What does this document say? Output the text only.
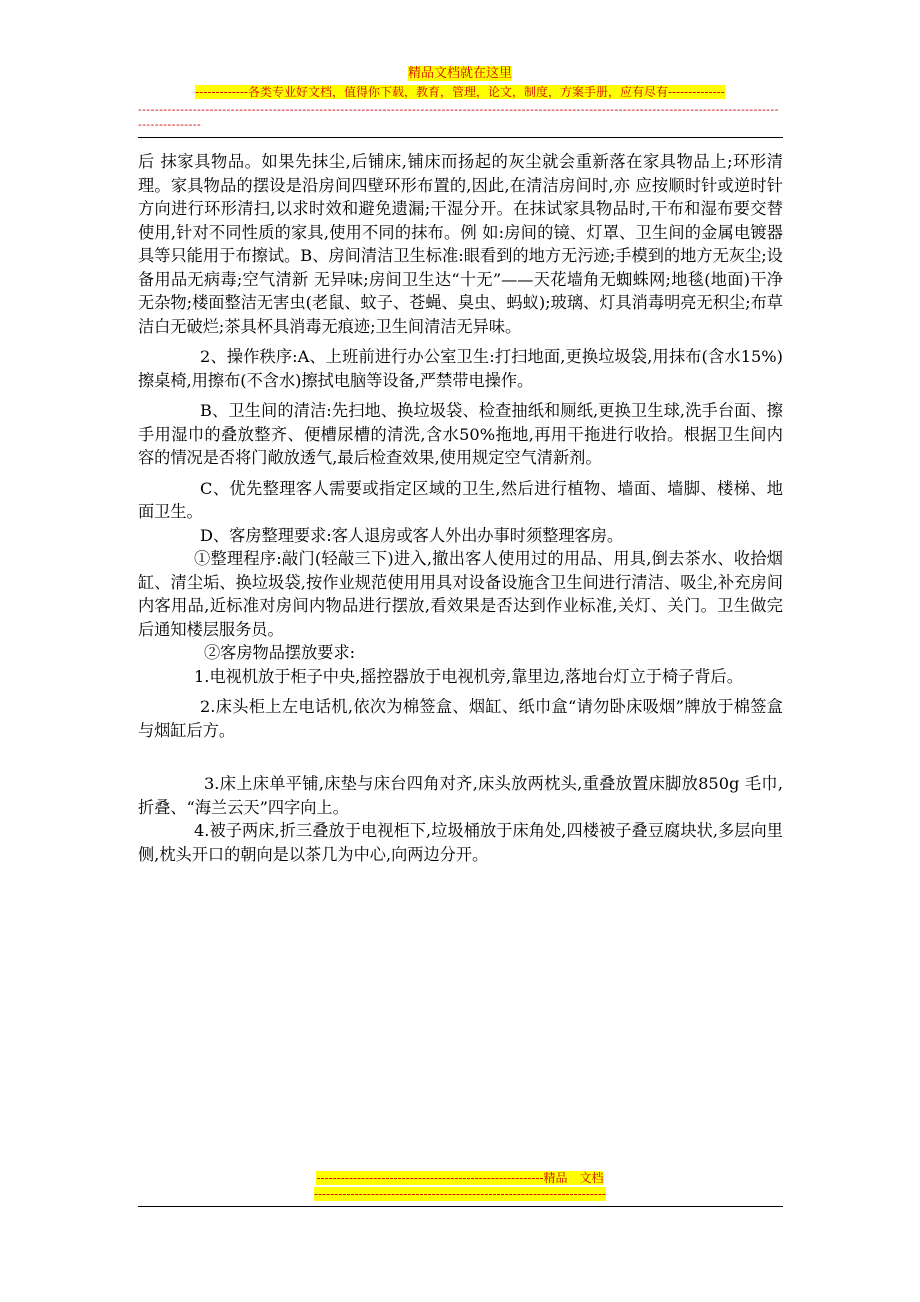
精品文档就在这里
-------------各类专业好文档，值得你下载，教育，管理，论文，制度，方案手册，应有尽有--------------
-----------------------------------------------------------------------------------------------------------------------------------------------------------------------

后 抹家具物品。如果先抹尘,后铺床,铺床而扬起的灰尘就会重新落在家具物品上;环形清理。家具物品的摆设是沿房间四壁环形布置的,因此,在清洁房间时,亦 应按顺时针或逆时针方向进行环形清扫,以求时效和避免遗漏;干湿分开。在抹试家具物品时,干布和湿布要交替使用,针对不同性质的家具,使用不同的抹布。例 如:房间的镜、灯罩、卫生间的金属电镀器具等只能用于布擦试。B、房间清洁卫生标准:眼看到的地方无污迹;手模到的地方无灰尘;设备用品无病毒;空气清新 无异味;房间卫生达“十无”——天花墙角无蜘蛛网;地毯(地面)干净无杂物;楼面整洁无害虫(老鼠、蚊子、苍蝇、臭虫、蚂蚁);玻璃、灯具消毒明亮无积尘;布草洁白无破烂;茶具杯具消毒无痕迹;卫生间清洁无异味。

2、操作秩序:A、上班前进行办公室卫生:打扫地面,更换垃圾袋,用抹布(含水15%)擦桌椅,用擦布(不含水)擦拭电脑等设备,严禁带电操作。

B、卫生间的清洁:先扫地、换垃圾袋、检查抽纸和厕纸,更换卫生球,洗手台面、擦手用湿巾的叠放整齐、便槽尿槽的清洗,含水50%拖地,再用干拖进行收拾。根据卫生间内容的情况是否将门敞放透气,最后检查效果,使用规定空气清新剂。

C、优先整理客人需要或指定区域的卫生,然后进行植物、墙面、墙脚、楼梯、地面卫生。

D、客房整理要求:客人退房或客人外出办事时须整理客房。

①整理程序:敲门(轻敲三下)进入,撤出客人使用过的用品、用具,倒去茶水、收拾烟缸、清尘垢、换垃圾袋,按作业规范使用用具对设备设施含卫生间进行清洁、吸尘,补充房间内客用品,近标准对房间内物品进行摆放,看效果是否达到作业标准,关灯、关门。卫生做完后通知楼层服务员。

②客房物品摆放要求:

1.电视机放于柜子中央,摇控器放于电视机旁,靠里边,落地台灯立于椅子背后。

2.床头柜上左电话机,依次为棉签盒、烟缸、纸巾盒“请勿卧床吸烟”牌放于棉签盒与烟缸后方。

3.床上床单平铺,床垫与床台四角对齐,床头放两枕头,重叠放置床脚放850g 毛巾,折叠、“海兰云天”四字向上。

4.被子两床,折三叠放于电视柜下,垃圾桶放于床角处,四楼被子叠豆腐块状,多层向里侧,枕头开口的朝向是以茶几为中心,向两边分开。

--------------------------------------------------------精品　文档
------------------------------------------------------------------------
